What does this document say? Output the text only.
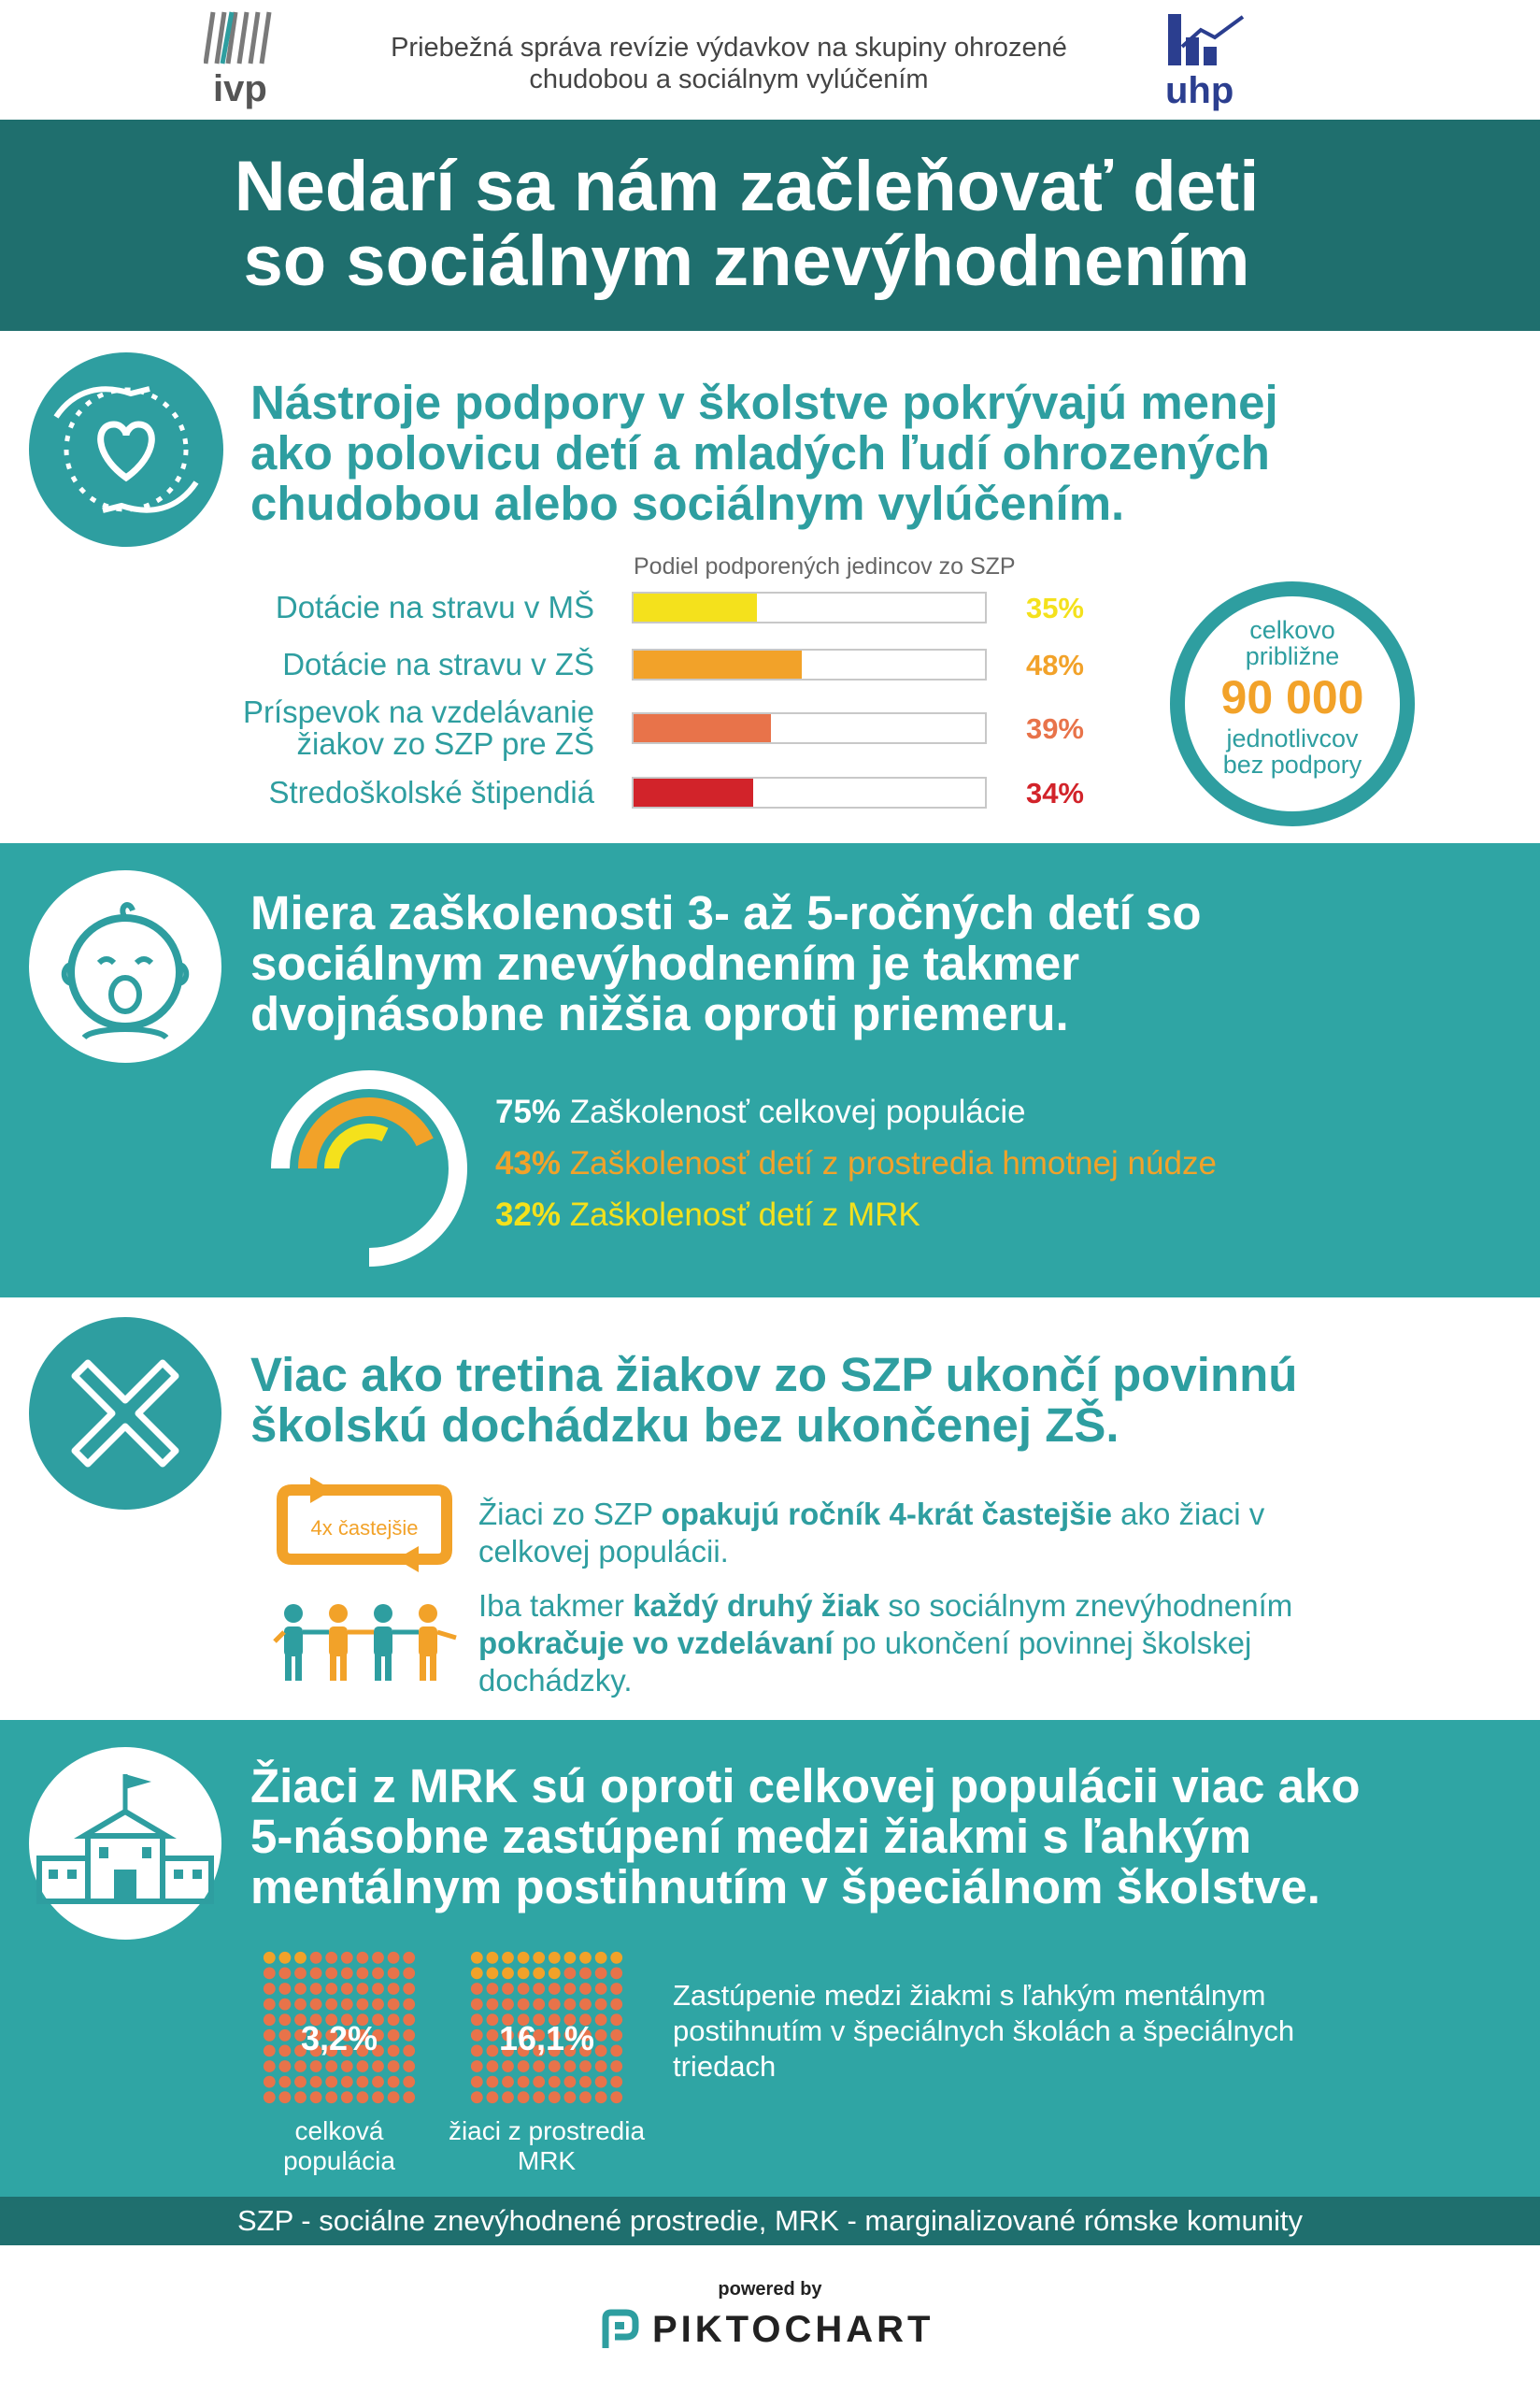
ivp
Priebežná správa revízie výdavkov na skupiny ohrozené
chudobou a sociálnym vylúčením	uhp
Nedarí sa nám začleňovať deti
so sociálnym znevýhodnením
Nástroje podpory v školstve pokrývajú menej
ako polovicu detí a mladých ľudí ohrozených
chudobou alebo sociálnym vylúčením.
Podiel podporených jedincov zo SZP
Dotácie na stravu v MŠ	35%
Dotácie na stravu v ZŠ	48%
Príspevok na vzdelávanie
žiakov zo SZP pre ZŠ	39%
Stredoškolské štipendiá	34%
celkovo
približne
90 000
jednotlivcov
bez podpory
Miera zaškolenosti 3- až 5-ročných detí so
sociálnym znevýhodnením je takmer
dvojnásobne nižšia oproti priemeru.
75% Zaškolenosť celkovej populácie
43% Zaškolenosť detí z prostredia hmotnej núdze
32% Zaškolenosť detí z MRK
Viac ako tretina žiakov zo SZP ukončí povinnú
školskú dochádzku bez ukončenej ZŠ.
4x častejšie Žiaci zo SZP opakujú ročník 4-krát častejšie ako žiaci v
celkovej populácii.
Iba takmer každý druhý žiak so sociálnym znevýhodnením
pokračuje vo vzdelávaní po ukončení povinnej školskej
dochádzky.
Žiaci z MRK sú oproti celkovej populácii viac ako
5-násobne zastúpení medzi žiakmi s ľahkým
mentálnym postihnutím v špeciálnom školstve.
3,2%
celková
populácia
16,1%
žiaci z prostredia
MRK
Zastúpenie medzi žiakmi s ľahkým mentálnym
postihnutím v špeciálnych školách a špeciálnych
triedach
SZP - sociálne znevýhodnené prostredie, MRK - marginalizované rómske komunity
powered by
PIKTOCHART
